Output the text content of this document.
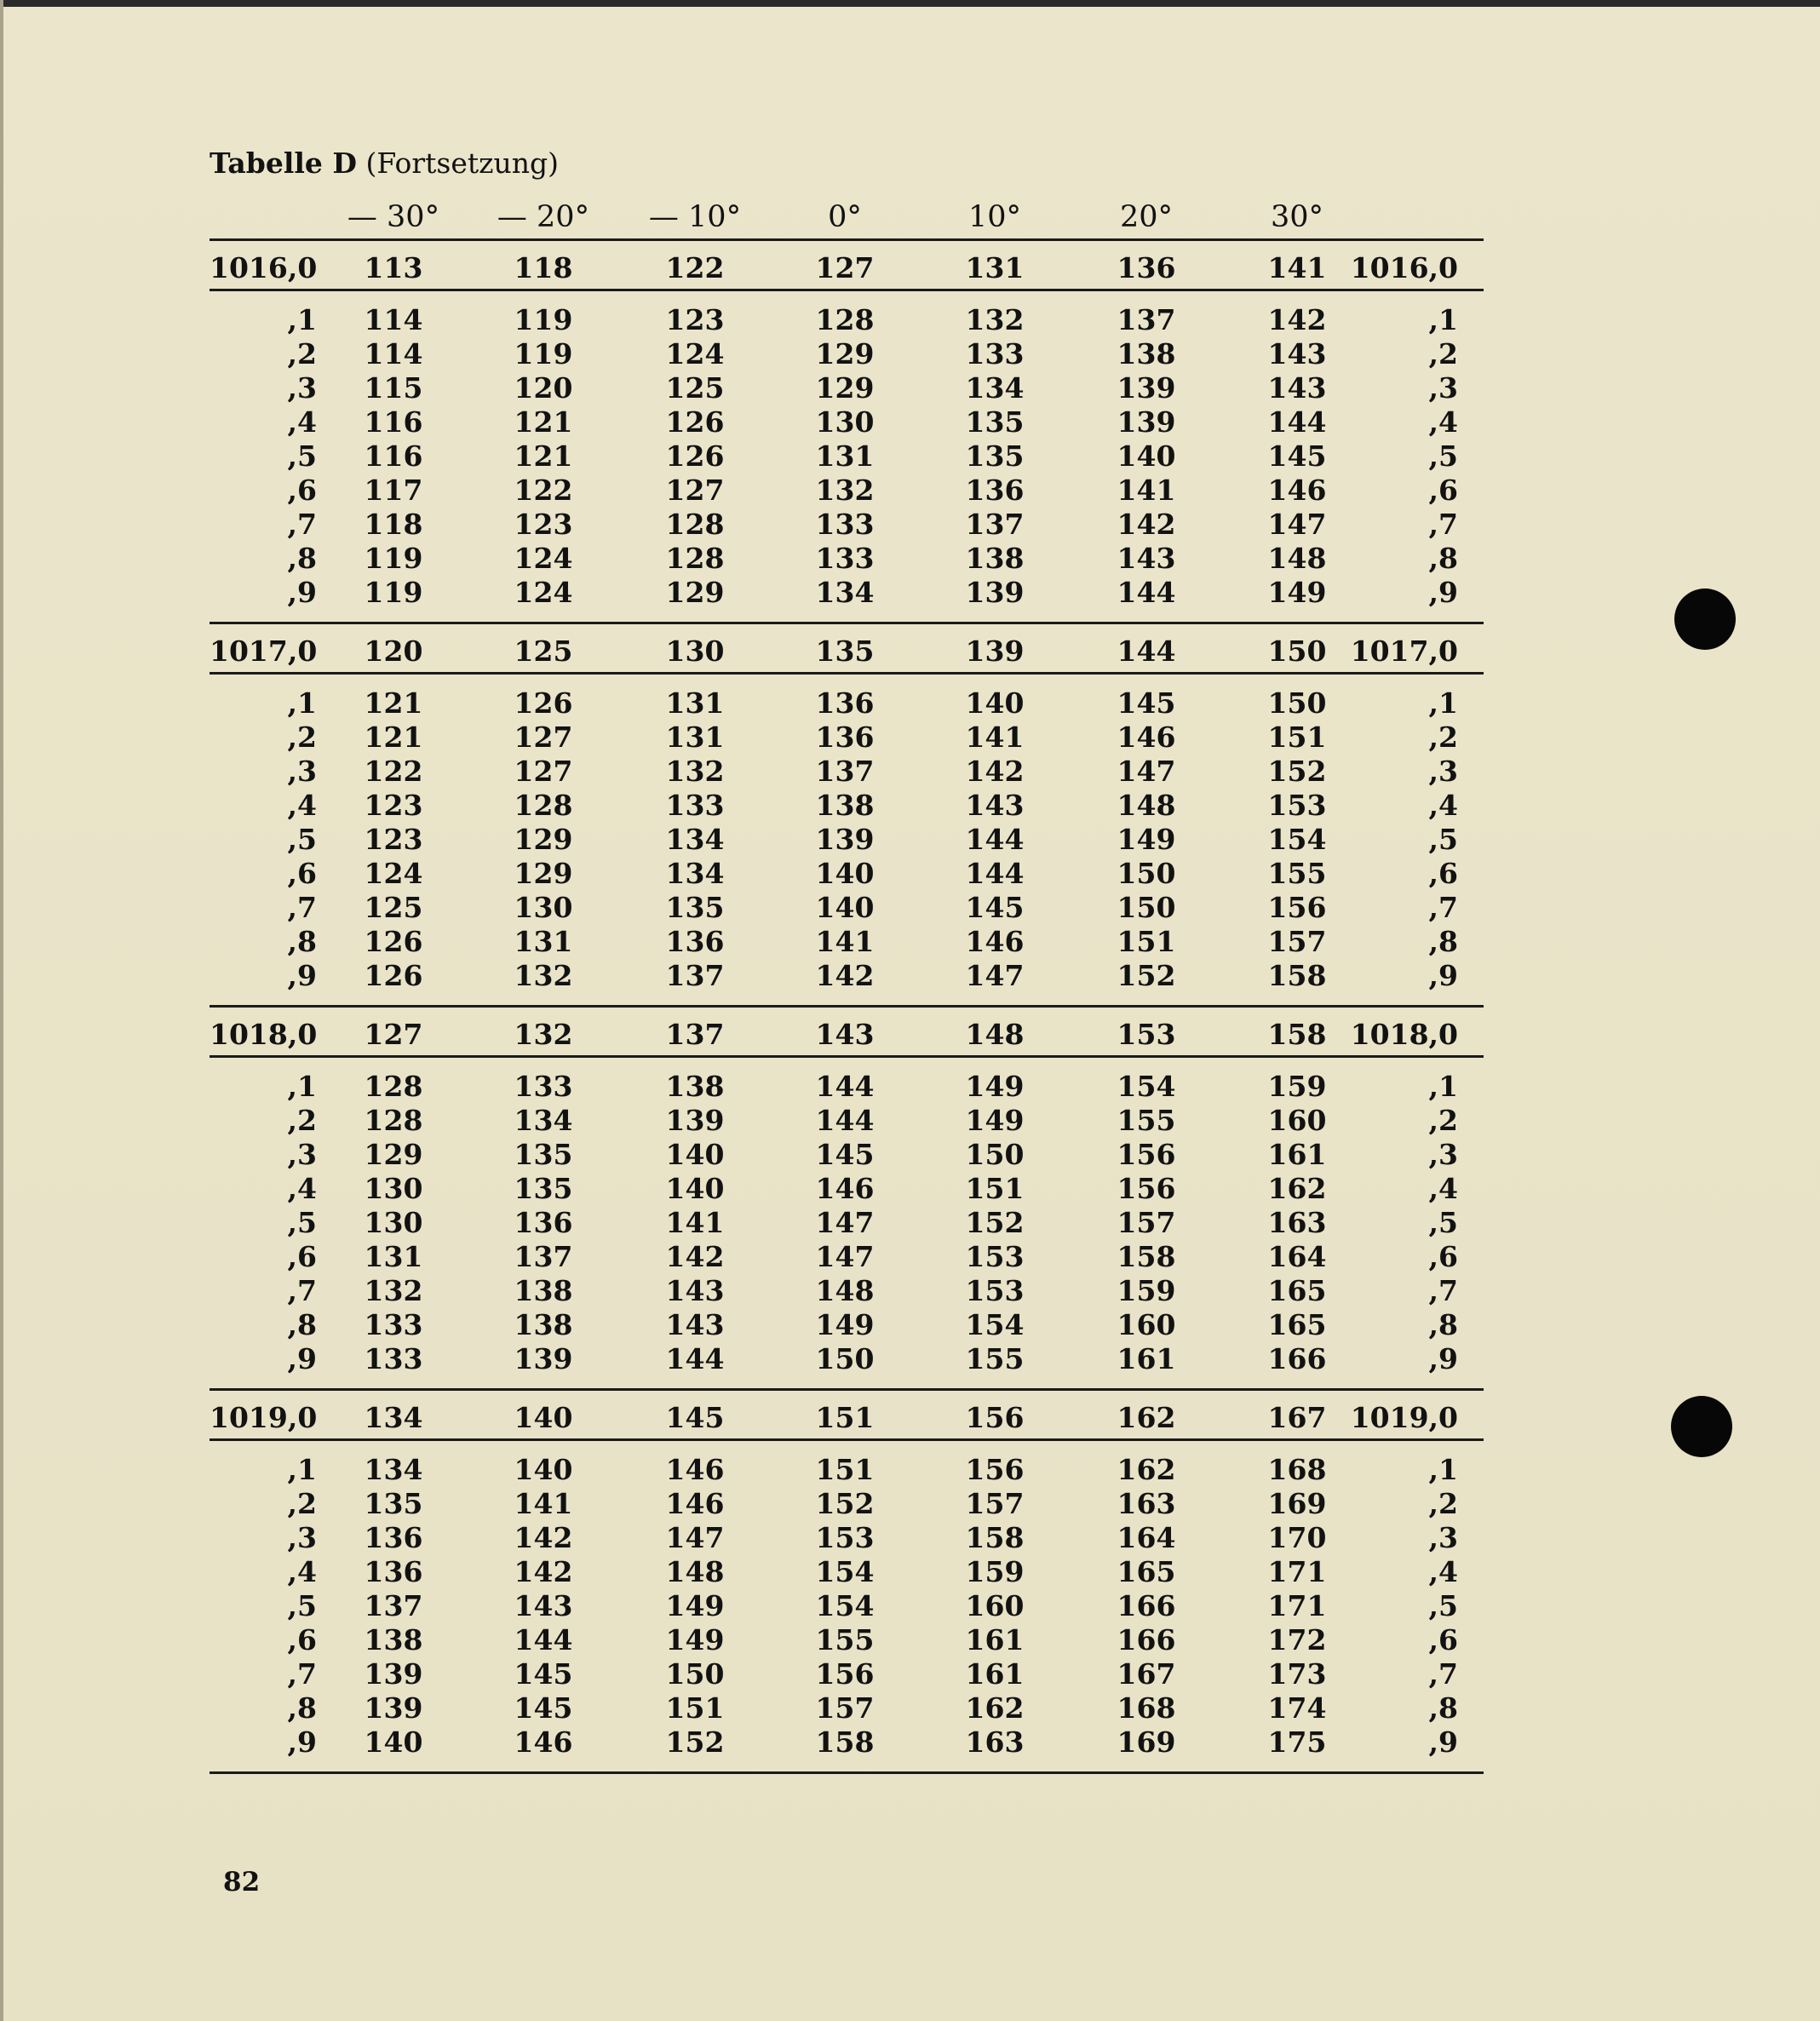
Tabelle D (Fortsetzung)
— 30°	— 20°	— 10°	0°	10°	20°	30°
1016,0	113	118	122	127	131	136	141 1016,0
,1	114	119	123	128	132	137	142	,1
,2	114	119	124	129	133	138	143	,2
,3	115	120	125	129	134	139	143	,3
,4	116	121	126	130	135	139	144	,4
,5	116	121	126	131	135	140	145	,5
,6	117	122	127	132	136	141	146	,6
,7	118	123	128	133	137	142	147	,7
,8	119	124	128	133	138	143	148	,8
,9	119	124	129	134	139	144	149	,9
1017,0	120	125	130	135	139	144	150 1017,0
,1	121	126	131	136	140	145	150	,1
,2	121	127	131	136	141	146	151	,2
,3	122	127	132	137	142	147	152	,3
,4	123	128	133	138	143	148	153	,4
,5	123	129	134	139	144	149	154	,5
,6	124	129	134	140	144	150	155	,6
,7	125	130	135	140	145	150	156	,7
,8	126	131	136	141	146	151	157	,8
,9	126	132	137	142	147	152	158	,9
1018,0	127	132	137	143	148	153	158 1018,0
,1	128	133	138	144	149	154	159	,1
,2	128	134	139	144	149	155	160	,2
,3	129	135	140	145	150	156	161	,3
,4	130	135	140	146	151	156	162	,4
,5	130	136	141	147	152	157	163	,5
,6	131	137	142	147	153	158	164	,6
,7	132	138	143	148	153	159	165	,7
,8	133	138	143	149	154	160	165	,8
,9	133	139	144	150	155	161	166	,9
1019,0	134	140	145	151	156	162	167 1019,0
,1	134	140	146	151	156	162	168	,1
,2	135	141	146	152	157	163	169	,2
,3	136	142	147	153	158	164	170	,3
,4	136	142	148	154	159	165	171	,4
,5	137	143	149	154	160	166	171	,5
,6	138	144	149	155	161	166	172	,6
,7	139	145	150	156	161	167	173	,7
,8	139	145	151	157	162	168	174	,8
,9	140	146	152	158	163	169	175	,9
82
